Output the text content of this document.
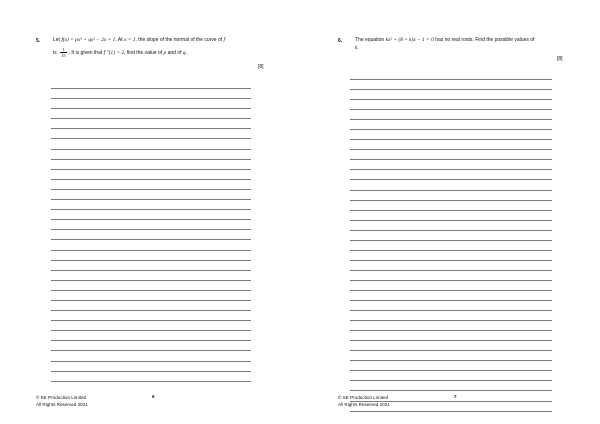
5.	Let f(x) = px³ + qx² − 2x + 1. At x = 1, the slope of the normal of the curve of f
is $\frac{1}{15}$ . It is given that f ″(1) = 2, find the value of p and of q.
[8]
© SE Production Limited
All Rights Reserved 2021
6
6.	The equation kx² + (8 + k)x − 1 = 0 has no real roots. Find the possible values of
k.
[8]
© SE Production Limited
All Rights Reserved 2021
7
